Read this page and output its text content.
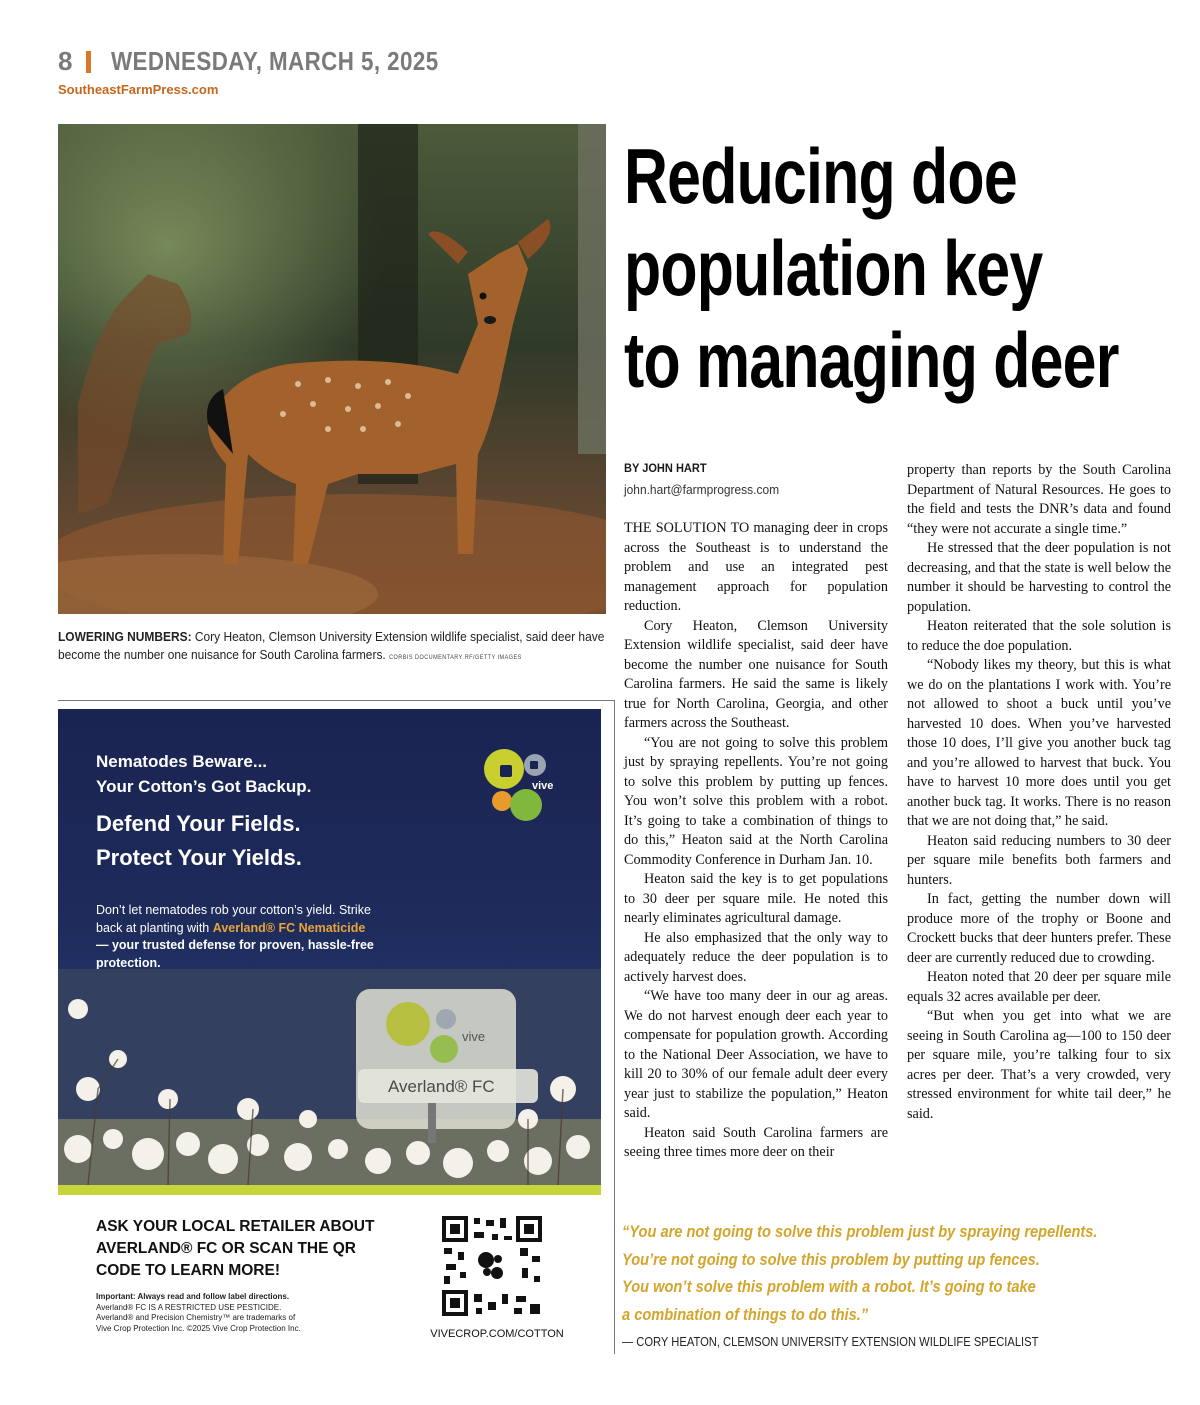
8 WEDNESDAY, MARCH 5, 2025
SoutheastFarmPress.com
LOWERING NUMBERS: Cory Heaton, Clemson University Extension wildlife specialist, said deer have become the number one nuisance for South Carolina farmers. CORBIS DOCUMENTARY RF/GETTY IMAGES
Reducing doe
population key
to managing deer
BY JOHN HART
john.hart@farmprogress.com

THE SOLUTION TO managing deer in crops across the Southeast is to understand the problem and use an integrated pest management approach for population reduction.

Cory Heaton, Clemson University Extension wildlife specialist, said deer have become the number one nuisance for South Carolina farmers. He said the same is likely true for North Carolina, Georgia, and other farmers across the Southeast.

“You are not going to solve this problem just by spraying repellents. You’re not going to solve this problem by putting up fences. You won’t solve this problem with a robot. It’s going to take a combination of things to do this,” Heaton said at the North Carolina Commodity Conference in Durham Jan. 10.

Heaton said the key is to get populations to 30 deer per square mile. He noted this nearly eliminates agricultural damage.

He also emphasized that the only way to adequately reduce the deer population is to actively harvest does.

“We have too many deer in our ag areas. We do not harvest enough deer each year to compensate for population growth. According to the National Deer Association, we have to kill 20 to 30% of our female adult deer every year just to stabilize the population,” Heaton said.

Heaton said South Carolina farmers are seeing three times more deer on their

property than reports by the South Carolina Department of Natural Resources. He goes to the field and tests the DNR’s data and found “they were not accurate a single time.”

He stressed that the deer population is not decreasing, and that the state is well below the number it should be harvesting to control the population.

Heaton reiterated that the sole solution is to reduce the doe population.

“Nobody likes my theory, but this is what we do on the plantations I work with. You’re not allowed to shoot a buck until you’ve harvested 10 does. When you’ve harvested those 10 does, I’ll give you another buck tag and you’re allowed to harvest that buck. You have to harvest 10 more does until you get another buck tag. It works. There is no reason that we are not doing that,” he said.

Heaton said reducing numbers to 30 deer per square mile benefits both farmers and hunters.

In fact, getting the number down will produce more of the trophy or Boone and Crockett bucks that deer hunters prefer. These deer are currently reduced due to crowding.

Heaton noted that 20 deer per square mile equals 32 acres available per deer.

“But when you get into what we are seeing in South Carolina ag—100 to 150 deer per square mile, you’re talking four to six acres per deer. That’s a very crowded, very stressed environment for white tail deer,” he said.

“You are not going to solve this problem just by spraying repellents.
You’re not going to solve this problem by putting up fences.
You won’t solve this problem with a robot. It’s going to take
a combination of things to do this.”
— CORY HEATON, CLEMSON UNIVERSITY EXTENSION WILDLIFE SPECIALIST
Nematodes Beware...
Your Cotton’s Got Backup.
Defend Your Fields.
Protect Your Yields.
Don’t let nematodes rob your cotton’s yield. Strike back at planting with Averland® FC Nematicide — your trusted defense for proven, hassle-free protection.
vive
vive
Averland® FC
ASK YOUR LOCAL RETAILER ABOUT
AVERLAND® FC OR SCAN THE QR
CODE TO LEARN MORE!
Important: Always read and follow label directions.
Averland® FC IS A RESTRICTED USE PESTICIDE.
Averland® and Precision Chemistry™ are trademarks of
Vive Crop Protection Inc. ©2025 Vive Crop Protection Inc.	VIVECROP.COM/COTTON
